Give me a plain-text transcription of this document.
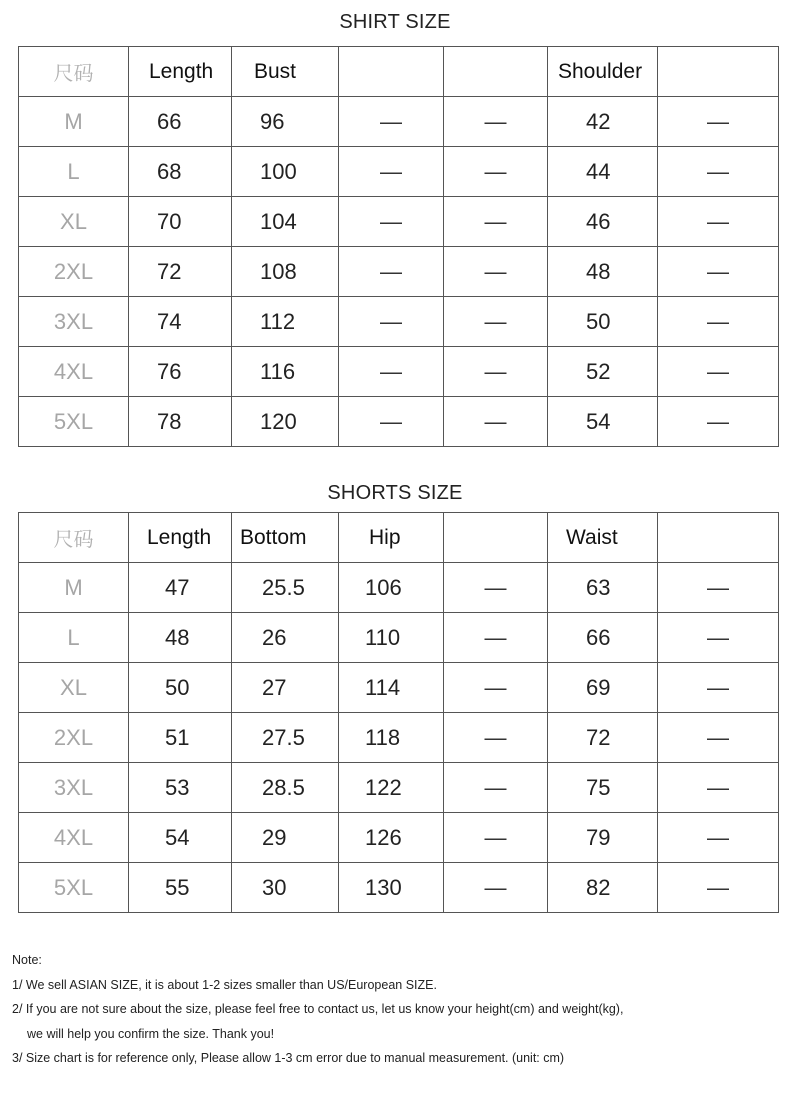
SHIRT SIZE
尺码	Length	Bust			Shoulder	
M	66	96	—	—	42	—
L	68	100	—	—	44	—
XL	70	104	—	—	46	—
2XL	72	108	—	—	48	—
3XL	74	112	—	—	50	—
4XL	76	116	—	—	52	—
5XL	78	120	—	—	54	—
SHORTS SIZE
尺码	Length	Bottom	Hip		Waist	
M	47	25.5	106	—	63	—
L	48	26	110	—	66	—
XL	50	27	114	—	69	—
2XL	51	27.5	118	—	72	—
3XL	53	28.5	122	—	75	—
4XL	54	29	126	—	79	—
5XL	55	30	130	—	82	—
Note:
1/ We sell ASIAN SIZE, it is about 1-2 sizes smaller than US/European SIZE.
2/ If you are not sure about the size, please feel free to contact us, let us know your height(cm) and weight(kg),
we will help you confirm the size. Thank you!
3/ Size chart is for reference only, Please allow 1-3 cm error due to manual measurement. (unit: cm)
